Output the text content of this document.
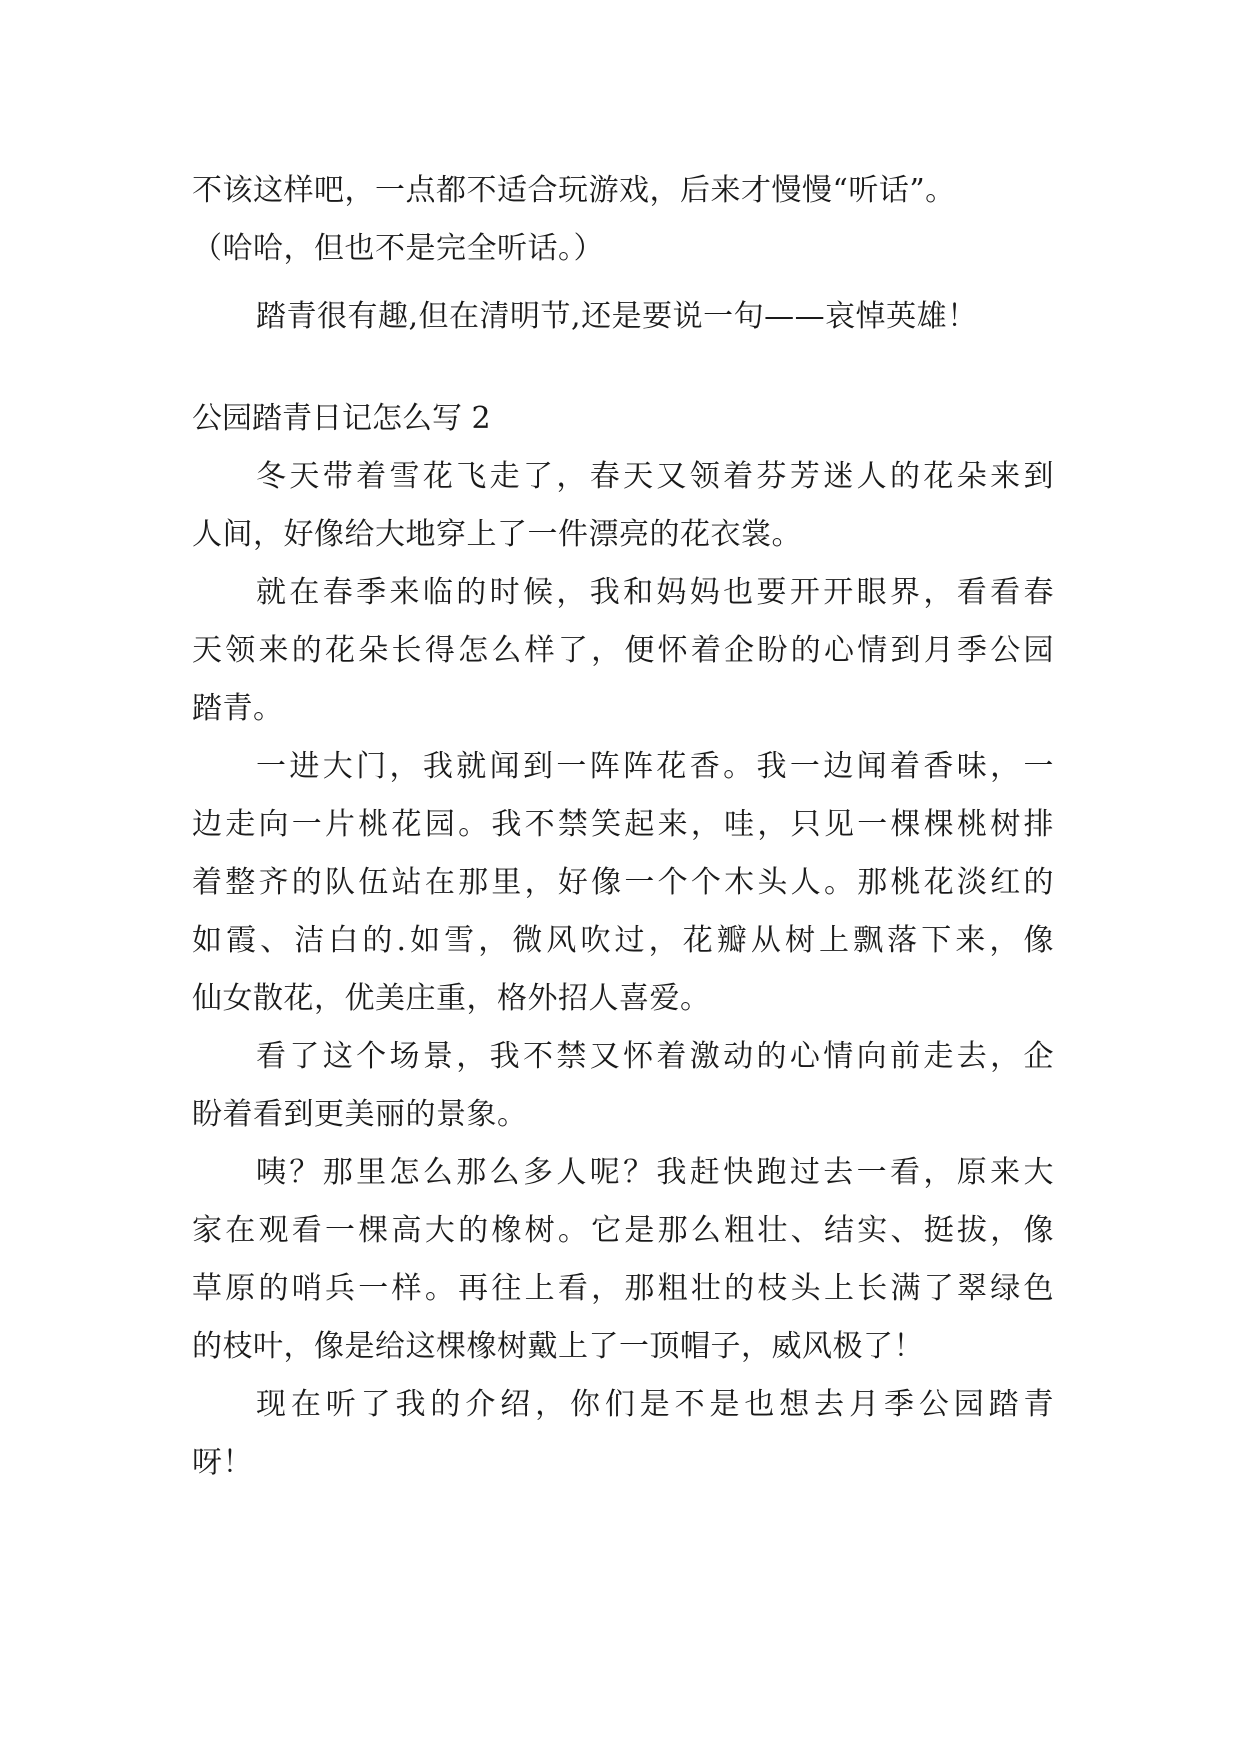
不该这样吧，一点都不适合玩游戏，后来才慢慢“听话”。
（哈哈，但也不是完全听话。）
踏青很有趣,但在清明节,还是要说一句——哀悼英雄！
公园踏青日记怎么写 2
冬天带着雪花飞走了，春天又领着芬芳迷人的花朵来到
人间，好像给大地穿上了一件漂亮的花衣裳。
就在春季来临的时候，我和妈妈也要开开眼界，看看春
天领来的花朵长得怎么样了，便怀着企盼的心情到月季公园
踏青。
一进大门，我就闻到一阵阵花香。我一边闻着香味，一
边走向一片桃花园。我不禁笑起来，哇，只见一棵棵桃树排
着整齐的队伍站在那里，好像一个个木头人。那桃花淡红的
如霞、洁白的.如雪，微风吹过，花瓣从树上飘落下来，像
仙女散花，优美庄重，格外招人喜爱。
看了这个场景，我不禁又怀着激动的心情向前走去，企
盼着看到更美丽的景象。
咦？那里怎么那么多人呢？我赶快跑过去一看，原来大
家在观看一棵高大的橡树。它是那么粗壮、结实、挺拔，像
草原的哨兵一样。再往上看，那粗壮的枝头上长满了翠绿色
的枝叶，像是给这棵橡树戴上了一顶帽子，威风极了！
现在听了我的介绍，你们是不是也想去月季公园踏青
呀！
